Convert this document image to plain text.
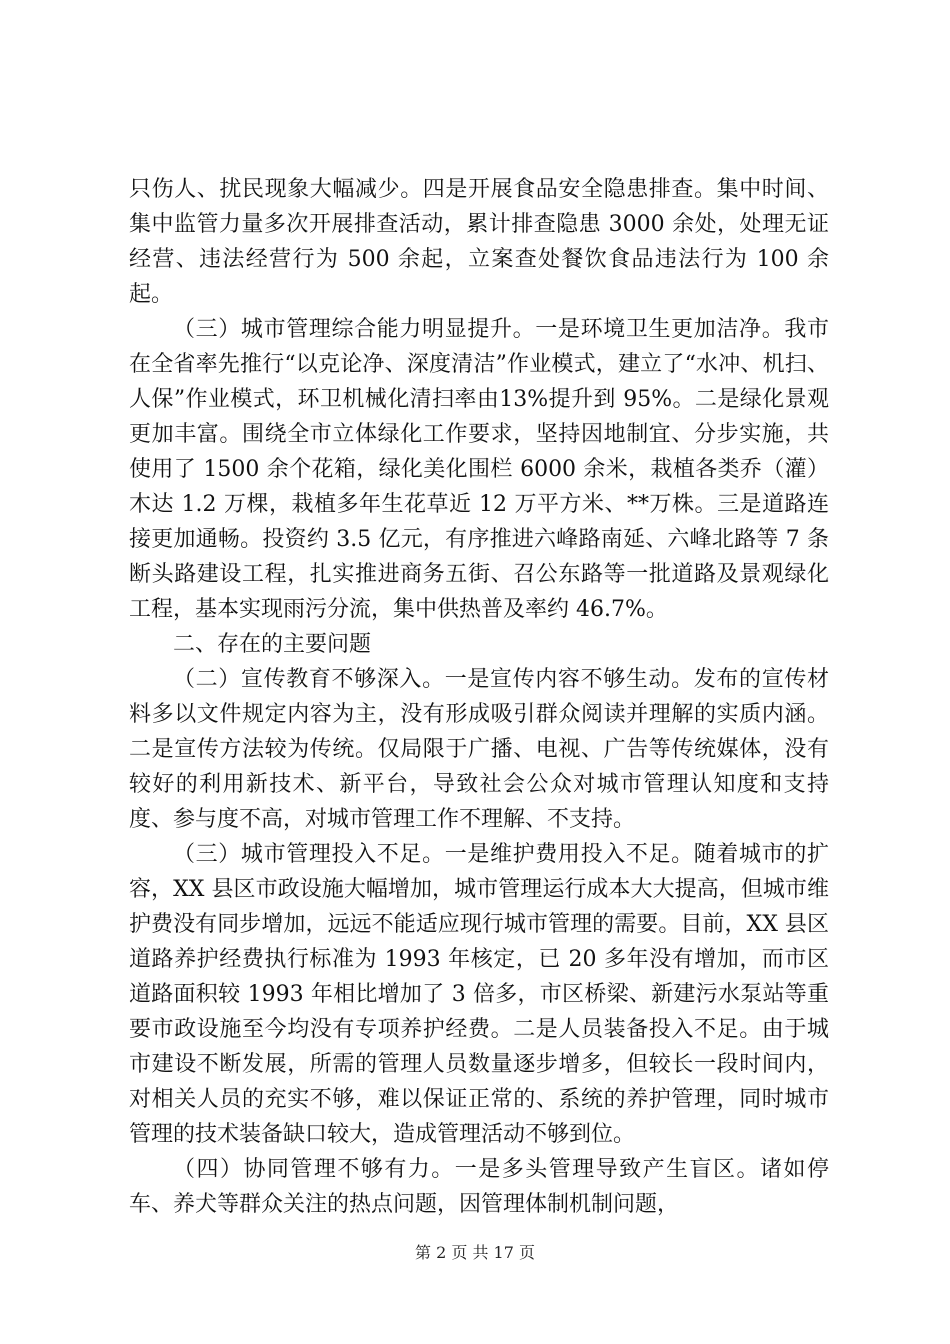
只伤人、扰民现象大幅减少。四是开展食品安全隐患排查。集中时间、集中监管力量多次开展排查活动，累计排查隐患 3000 余处，处理无证经营、违法经营行为 500 余起，立案查处餐饮食品违法行为 100 余起。

（三）城市管理综合能力明显提升。一是环境卫生更加洁净。我市在全省率先推行“以克论净、深度清洁”作业模式，建立了“水冲、机扫、人保”作业模式，环卫机械化清扫率由13%提升到 95%。二是绿化景观更加丰富。围绕全市立体绿化工作要求，坚持因地制宜、分步实施，共使用了 1500 余个花箱，绿化美化围栏 6000 余米，栽植各类乔（灌）木达 1.2 万棵，栽植多年生花草近 12 万平方米、**万株。三是道路连接更加通畅。投资约 3.5 亿元，有序推进六峰路南延、六峰北路等 7 条断头路建设工程，扎实推进商务五街、召公东路等一批道路及景观绿化工程，基本实现雨污分流，集中供热普及率约 46.7%。

二、存在的主要问题

（二）宣传教育不够深入。一是宣传内容不够生动。发布的宣传材料多以文件规定内容为主，没有形成吸引群众阅读并理解的实质内涵。二是宣传方法较为传统。仅局限于广播、电视、广告等传统媒体，没有较好的利用新技术、新平台，导致社会公众对城市管理认知度和支持度、参与度不高，对城市管理工作不理解、不支持。

（三）城市管理投入不足。一是维护费用投入不足。随着城市的扩容，XX 县区市政设施大幅增加，城市管理运行成本大大提高，但城市维护费没有同步增加，远远不能适应现行城市管理的需要。目前，XX 县区道路养护经费执行标准为 1993 年核定，已 20 多年没有增加，而市区道路面积较 1993 年相比增加了 3 倍多，市区桥梁、新建污水泵站等重要市政设施至今均没有专项养护经费。二是人员装备投入不足。由于城市建设不断发展，所需的管理人员数量逐步增多，但较长一段时间内，对相关人员的充实不够，难以保证正常的、系统的养护管理，同时城市管理的技术装备缺口较大，造成管理活动不够到位。

（四）协同管理不够有力。一是多头管理导致产生盲区。诸如停车、养犬等群众关注的热点问题，因管理体制机制问题，

第 2 页 共 17 页
